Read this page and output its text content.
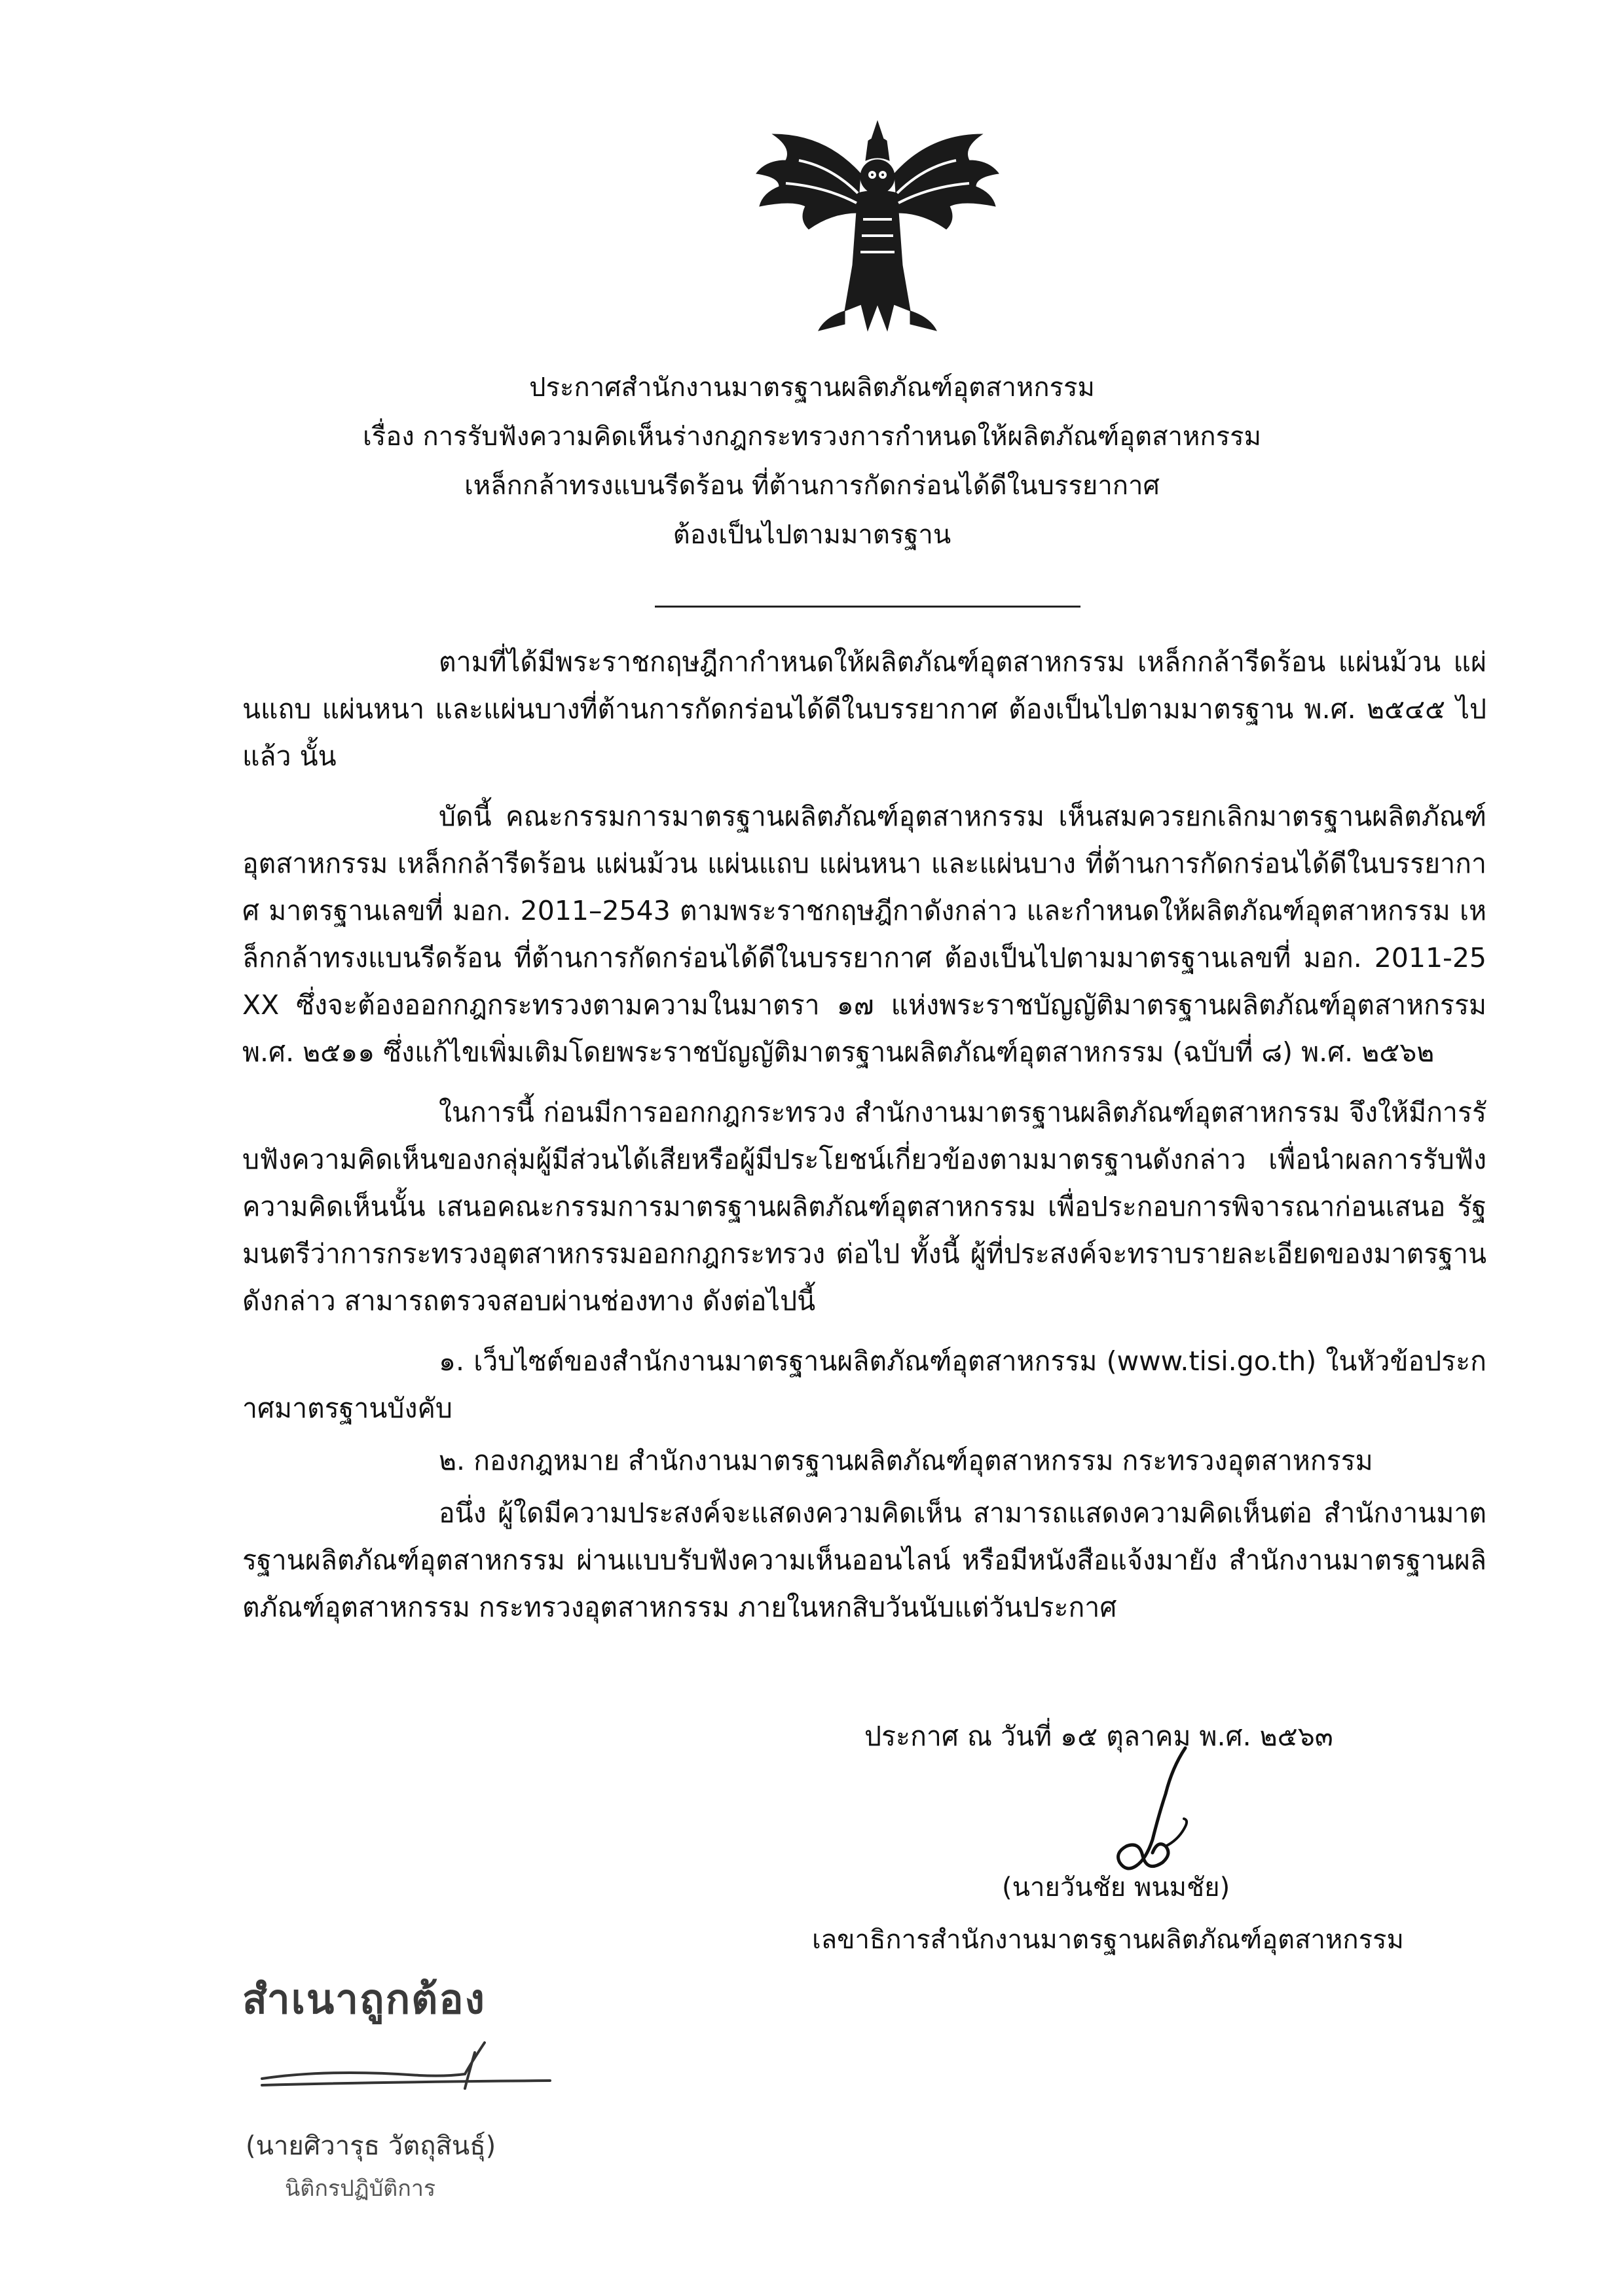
ประกาศสำนักงานมาตรฐานผลิตภัณฑ์อุตสาหกรรม
เรื่อง การรับฟังความคิดเห็นร่างกฎกระทรวงการกำหนดให้ผลิตภัณฑ์อุตสาหกรรม
เหล็กกล้าทรงแบนรีดร้อน ที่ต้านการกัดกร่อนได้ดีในบรรยากาศ
ต้องเป็นไปตามมาตรฐาน

ตามที่ได้มีพระราชกฤษฎีกากำหนดให้ผลิตภัณฑ์อุตสาหกรรม เหล็กกล้ารีดร้อน แผ่นม้วน แผ่นแถบ แผ่นหนา และแผ่นบางที่ต้านการกัดกร่อนได้ดีในบรรยากาศ ต้องเป็นไปตามมาตรฐาน พ.ศ. ๒๕๔๕ ไปแล้ว นั้น

บัดนี้ คณะกรรมการมาตรฐานผลิตภัณฑ์อุตสาหกรรม เห็นสมควรยกเลิกมาตรฐานผลิตภัณฑ์อุตสาหกรรม เหล็กกล้ารีดร้อน แผ่นม้วน แผ่นแถบ แผ่นหนา และแผ่นบาง ที่ต้านการกัดกร่อนได้ดีในบรรยากาศ มาตรฐานเลขที่ มอก. 2011–2543 ตามพระราชกฤษฎีกาดังกล่าว และกำหนดให้ผลิตภัณฑ์อุตสาหกรรม เหล็กกล้าทรงแบนรีดร้อน ที่ต้านการกัดกร่อนได้ดีในบรรยากาศ ต้องเป็นไปตามมาตรฐานเลขที่ มอก. 2011-25XX ซึ่งจะต้องออกกฎกระทรวงตามความในมาตรา ๑๗ แห่งพระราชบัญญัติมาตรฐานผลิตภัณฑ์อุตสาหกรรม พ.ศ. ๒๕๑๑ ซึ่งแก้ไขเพิ่มเติมโดยพระราชบัญญัติมาตรฐานผลิตภัณฑ์อุตสาหกรรม (ฉบับที่ ๘) พ.ศ. ๒๕๖๒

ในการนี้ ก่อนมีการออกกฎกระทรวง สำนักงานมาตรฐานผลิตภัณฑ์อุตสาหกรรม จึงให้มีการรับฟังความคิดเห็นของกลุ่มผู้มีส่วนได้เสียหรือผู้มีประโยชน์เกี่ยวข้องตามมาตรฐานดังกล่าว เพื่อนำผลการรับฟังความคิดเห็นนั้น เสนอคณะกรรมการมาตรฐานผลิตภัณฑ์อุตสาหกรรม เพื่อประกอบการพิจารณาก่อนเสนอ รัฐมนตรีว่าการกระทรวงอุตสาหกรรมออกกฎกระทรวง ต่อไป ทั้งนี้ ผู้ที่ประสงค์จะทราบรายละเอียดของมาตรฐานดังกล่าว สามารถตรวจสอบผ่านช่องทาง ดังต่อไปนี้

๑. เว็บไซต์ของสำนักงานมาตรฐานผลิตภัณฑ์อุตสาหกรรม (www.tisi.go.th) ในหัวข้อประกาศมาตรฐานบังคับ

๒. กองกฎหมาย สำนักงานมาตรฐานผลิตภัณฑ์อุตสาหกรรม กระทรวงอุตสาหกรรม

อนึ่ง ผู้ใดมีความประสงค์จะแสดงความคิดเห็น สามารถแสดงความคิดเห็นต่อ สำนักงานมาตรฐานผลิตภัณฑ์อุตสาหกรรม ผ่านแบบรับฟังความเห็นออนไลน์ หรือมีหนังสือแจ้งมายัง สำนักงานมาตรฐานผลิตภัณฑ์อุตสาหกรรม กระทรวงอุตสาหกรรม ภายในหกสิบวันนับแต่วันประกาศ

ประกาศ ณ วันที่ ๑๕ ตุลาคม พ.ศ. ๒๕๖๓
(นายวันชัย พนมชัย)
เลขาธิการสำนักงานมาตรฐานผลิตภัณฑ์อุตสาหกรรม
สำเนาถูกต้อง
(นายศิวารุธ วัตถุสินธุ์)
นิติกรปฏิบัติการ
